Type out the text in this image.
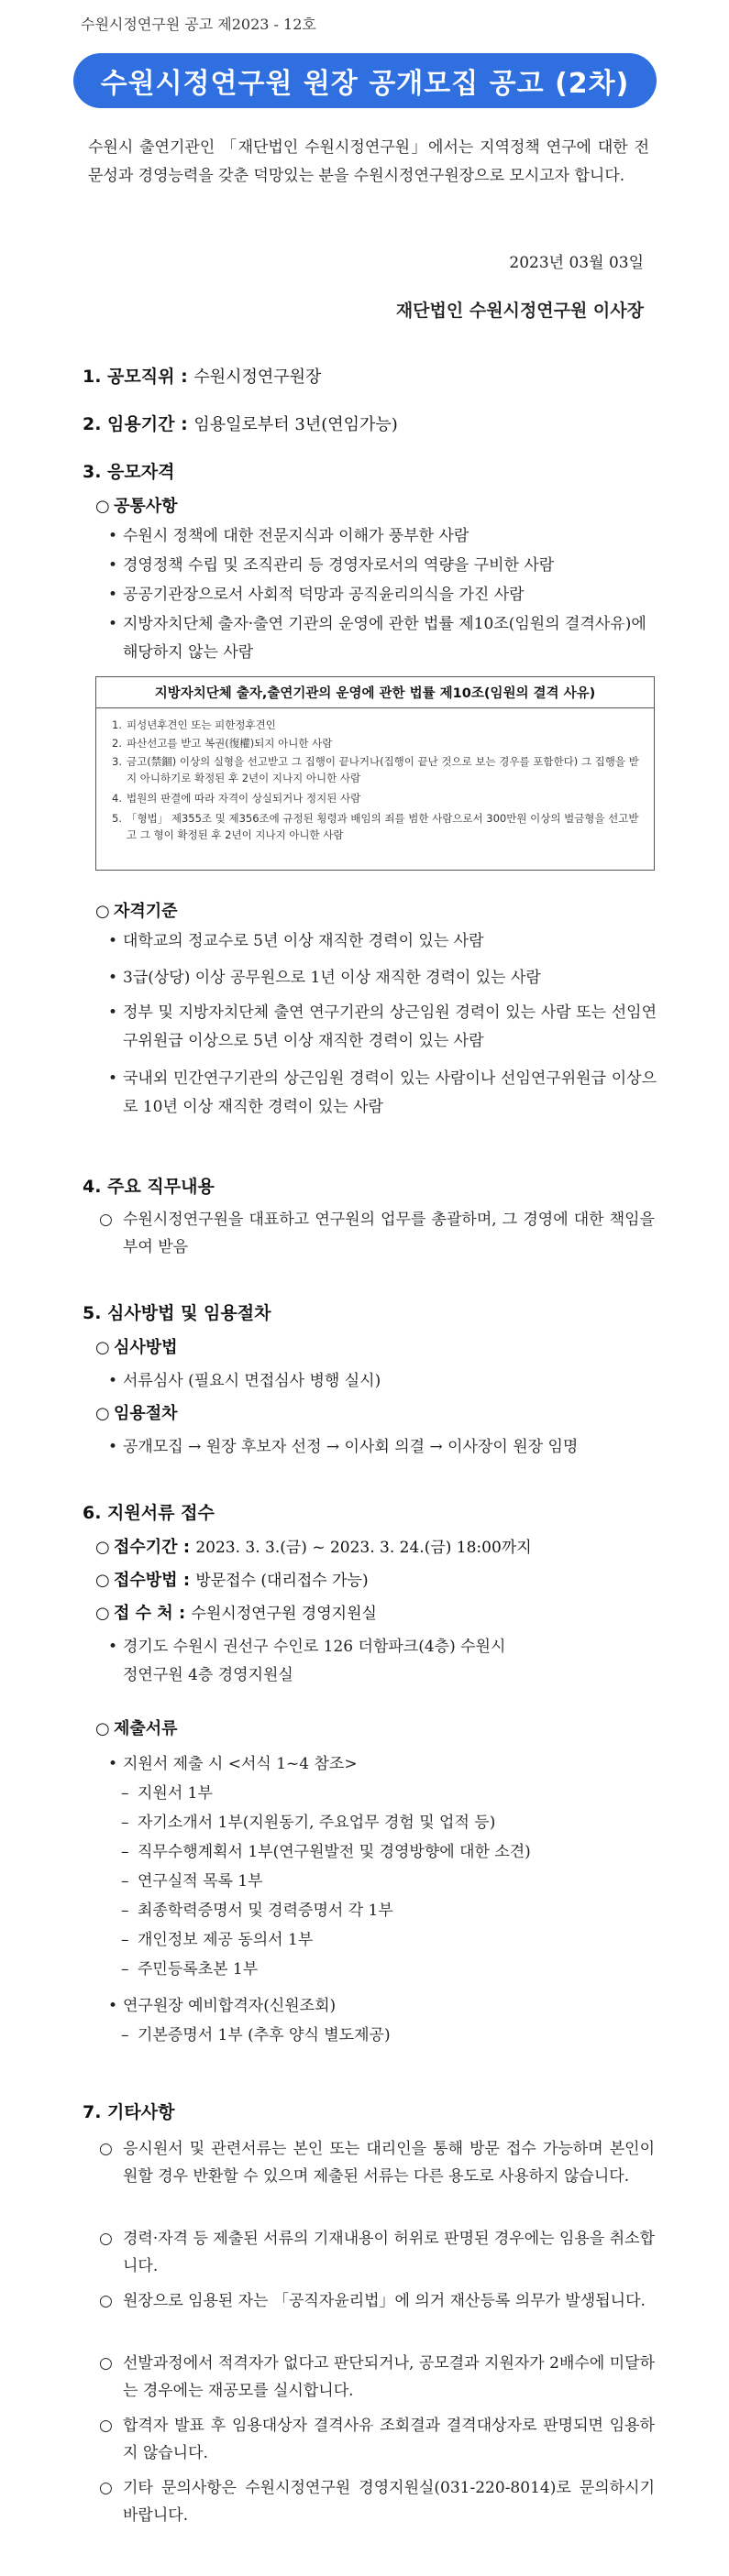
수원시정연구원 공고 제2023 - 12호
수원시정연구원 원장 공개모집 공고 (2차)
수원시 출연기관인 「재단법인 수원시정연구원」에서는 지역정책 연구에 대한 전문성과 경영능력을 갖춘 덕망있는 분을 수원시정연구원장으로 모시고자 합니다.
2023년 03월 03일
재단법인 수원시정연구원 이사장
1. 공모직위 : 수원시정연구원장
2. 임용기간 : 임용일로부터 3년(연임가능)
3. 응모자격
○ 공통사항
• 수원시 정책에 대한 전문지식과 이해가 풍부한 사람
• 경영정책 수립 및 조직관리 등 경영자로서의 역량을 구비한 사람
• 공공기관장으로서 사회적 덕망과 공직윤리의식을 가진 사람
• 지방자치단체 출자·출연 기관의 운영에 관한 법률 제10조(임원의 결격사유)에 해당하지 않는 사람
지방자치단체 출자,출연기관의 운영에 관한 법률 제10조(임원의 결격 사유)
1. 피성년후견인 또는 피한정후견인
2. 파산선고를 받고 복권(復權)되지 아니한 사람
3. 금고(禁錮) 이상의 실형을 선고받고 그 집행이 끝나거나(집행이 끝난 것으로 보는 경우를 포함한다) 그 집행을 받지 아니하기로 확정된 후 2년이 지나지 아니한 사람
4. 법원의 판결에 따라 자격이 상실되거나 정지된 사람
5. 「형법」 제355조 및 제356조에 규정된 횡령과 배임의 죄를 범한 사람으로서 300만원 이상의 벌금형을 선고받고 그 형이 확정된 후 2년이 지나지 아니한 사람
○ 자격기준
• 대학교의 정교수로 5년 이상 재직한 경력이 있는 사람
• 3급(상당) 이상 공무원으로 1년 이상 재직한 경력이 있는 사람
• 정부 및 지방자치단체 출연 연구기관의 상근임원 경력이 있는 사람 또는 선임연구위원급 이상으로 5년 이상 재직한 경력이 있는 사람
• 국내외 민간연구기관의 상근임원 경력이 있는 사람이나 선임연구위원급 이상으로 10년 이상 재직한 경력이 있는 사람
4. 주요 직무내용
○ 수원시정연구원을 대표하고 연구원의 업무를 총괄하며, 그 경영에 대한 책임을 부여 받음
5. 심사방법 및 임용절차
○ 심사방법
• 서류심사 (필요시 면접심사 병행 실시)
○ 임용절차
• 공개모집 → 원장 후보자 선정 → 이사회 의결 → 이사장이 원장 임명
6. 지원서류 접수
○ 접수기간 : 2023. 3. 3.(금) ~ 2023. 3. 24.(금) 18:00까지
○ 접수방법 : 방문접수 (대리접수 가능)
○ 접 수 처 : 수원시정연구원 경영지원실
• 경기도 수원시 권선구 수인로 126 더함파크(4층) 수원시정연구원 4층 경영지원실
○ 제출서류
• 지원서 제출 시 <서식 1~4 참조>
– 지원서 1부
– 자기소개서 1부(지원동기, 주요업무 경험 및 업적 등)
– 직무수행계획서 1부(연구원발전 및 경영방향에 대한 소견)
– 연구실적 목록 1부
– 최종학력증명서 및 경력증명서 각 1부
– 개인정보 제공 동의서 1부
– 주민등록초본 1부
• 연구원장 예비합격자(신원조회)
– 기본증명서 1부 (추후 양식 별도제공)
7. 기타사항
○ 응시원서 및 관련서류는 본인 또는 대리인을 통해 방문 접수 가능하며 본인이 원할 경우 반환할 수 있으며 제출된 서류는 다른 용도로 사용하지 않습니다.
○ 경력·자격 등 제출된 서류의 기재내용이 허위로 판명된 경우에는 임용을 취소합니다.
○ 원장으로 임용된 자는 「공직자윤리법」에 의거 재산등록 의무가 발생됩니다.
○ 선발과정에서 적격자가 없다고 판단되거나, 공모결과 지원자가 2배수에 미달하는 경우에는 재공모를 실시합니다.
○ 합격자 발표 후 임용대상자 결격사유 조회결과 결격대상자로 판명되면 임용하지 않습니다.
○ 기타 문의사항은 수원시정연구원 경영지원실(031-220-8014)로 문의하시기 바랍니다.
